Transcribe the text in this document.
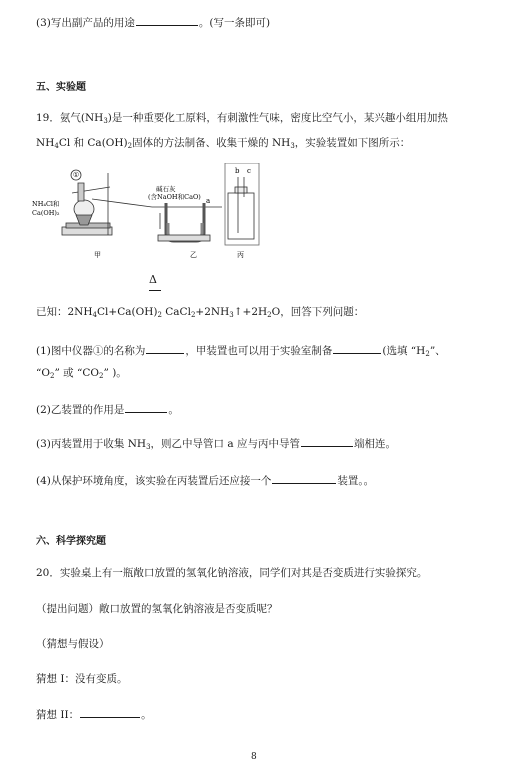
(3)写出副产品的用途	。(写一条即可)
五、实验题
19．氨气$(NH_3)$是一种重要化工原料，有刺激性气味，密度比空气小，某兴趣小组用加热
$NH_4Cl$ 和 $Ca(OH)_2$固体的方法制备、收集干燥的 $NH_3$，实验装置如下图所示：
①
NH₄Cl和
Ca(OH)₂
甲
碱石灰
(含NaOH和CaO) a
乙
b c
丙
Δ
已知：$2NH_4Cl+Ca(OH)_2$ $CaCl_2+2NH_3↑+2H_2O$，回答下列问题：
(1)图中仪器①的名称为	，甲装置也可以用于实验室制备	(选填 “$H_2$”、
“$O_2$” 或 “$CO_2$” )。
(2)乙装置的作用是	。
(3)丙装置用于收集 $NH_3$，则乙中导管口 a 应与丙中导管	端相连。
(4)从保护环境角度，该实验在丙装置后还应接一个	装置。。
六、科学探究题
20．实验桌上有一瓶敞口放置的氢氧化钠溶液，同学们对其是否变质进行实验探究。
（提出问题）敞口放置的氢氧化钠溶液是否变质呢？
（猜想与假设）
猜想 I：没有变质。
猜想 II：	。
8
